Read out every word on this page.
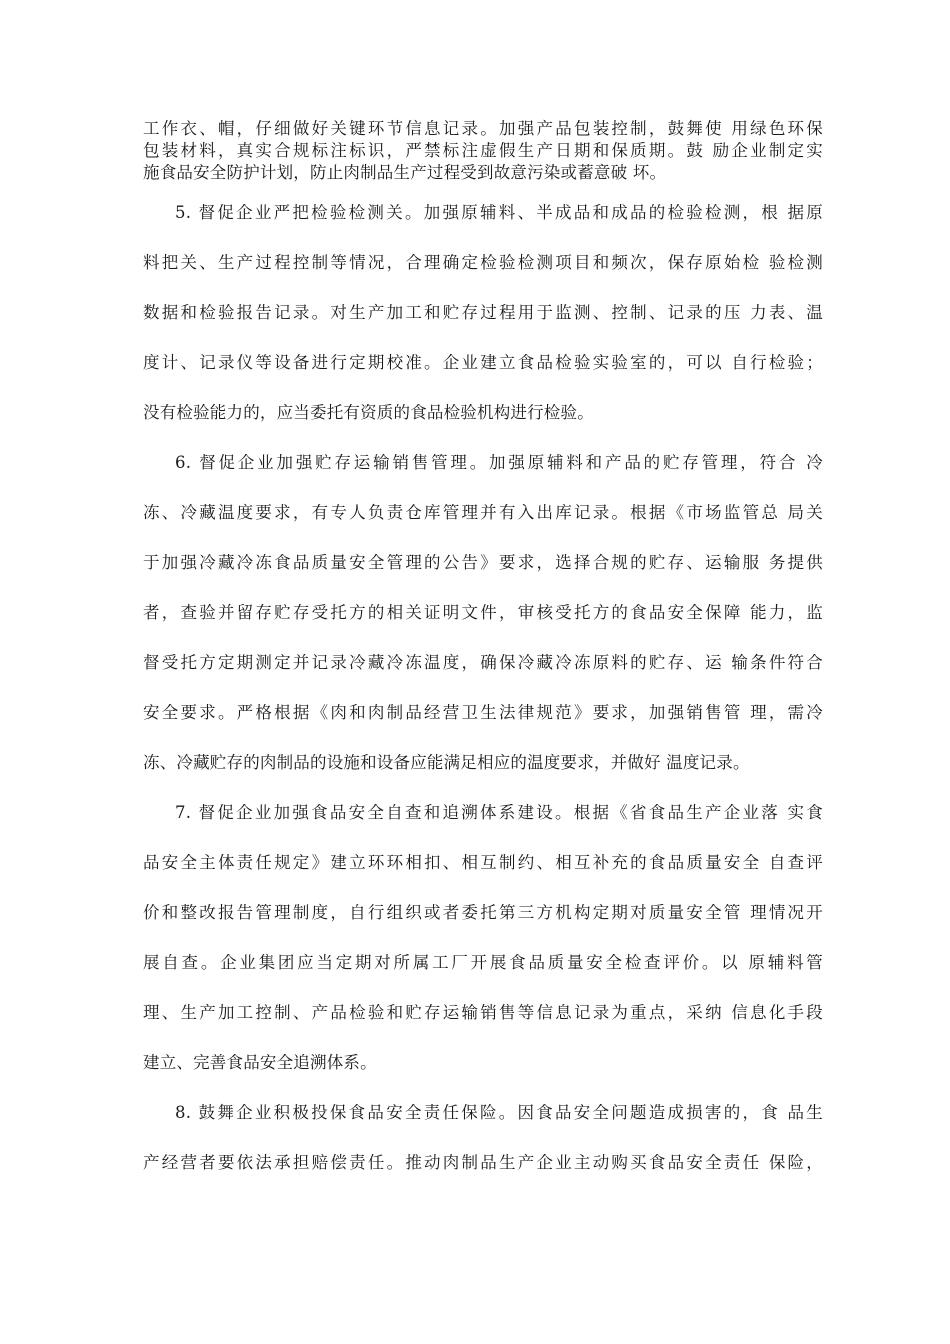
工作衣、帽，仔细做好关键环节信息记录。加强产品包装控制，鼓舞使 用绿色环保
包装材料，真实合规标注标识，严禁标注虚假生产日期和保质期。鼓 励企业制定实
施食品安全防护计划，防止肉制品生产过程受到故意污染或蓄意破 坏。
5. 督促企业严把检验检测关。加强原辅料、半成品和成品的检验检测，根 据原
料把关、生产过程控制等情况，合理确定检验检测项目和频次，保存原始检 验检测
数据和检验报告记录。对生产加工和贮存过程用于监测、控制、记录的压 力表、温
度计、记录仪等设备进行定期校准。企业建立食品检验实验室的，可以 自行检验；
没有检验能力的，应当委托有资质的食品检验机构进行检验。
6. 督促企业加强贮存运输销售管理。加强原辅料和产品的贮存管理，符合 冷
冻、冷藏温度要求，有专人负责仓库管理并有入出库记录。根据《市场监管总 局关
于加强冷藏冷冻食品质量安全管理的公告》要求，选择合规的贮存、运输服 务提供
者，查验并留存贮存受托方的相关证明文件，审核受托方的食品安全保障 能力，监
督受托方定期测定并记录冷藏冷冻温度，确保冷藏冷冻原料的贮存、运 输条件符合
安全要求。严格根据《肉和肉制品经营卫生法律规范》要求，加强销售管 理，需冷
冻、冷藏贮存的肉制品的设施和设备应能满足相应的温度要求，并做好 温度记录。
7. 督促企业加强食品安全自查和追溯体系建设。根据《省食品生产企业落 实食
品安全主体责任规定》建立环环相扣、相互制约、相互补充的食品质量安全 自查评
价和整改报告管理制度，自行组织或者委托第三方机构定期对质量安全管 理情况开
展自查。企业集团应当定期对所属工厂开展食品质量安全检查评价。以 原辅料管
理、生产加工控制、产品检验和贮存运输销售等信息记录为重点，采纳 信息化手段
建立、完善食品安全追溯体系。
8. 鼓舞企业积极投保食品安全责任保险。因食品安全问题造成损害的，食 品生
产经营者要依法承担赔偿责任。推动肉制品生产企业主动购买食品安全责任 保险，
